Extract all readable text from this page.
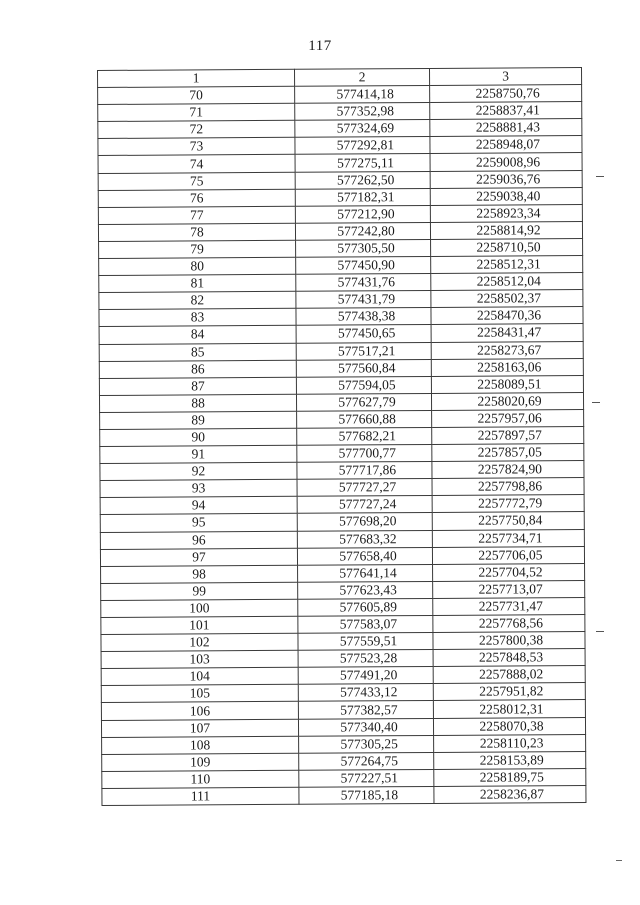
117
1	2	3
70	577414,18	2258750,76
71	577352,98	2258837,41
72	577324,69	2258881,43
73	577292,81	2258948,07
74	577275,11	2259008,96
75	577262,50	2259036,76
76	577182,31	2259038,40
77	577212,90	2258923,34
78	577242,80	2258814,92
79	577305,50	2258710,50
80	577450,90	2258512,31
81	577431,76	2258512,04
82	577431,79	2258502,37
83	577438,38	2258470,36
84	577450,65	2258431,47
85	577517,21	2258273,67
86	577560,84	2258163,06
87	577594,05	2258089,51
88	577627,79	2258020,69
89	577660,88	2257957,06
90	577682,21	2257897,57
91	577700,77	2257857,05
92	577717,86	2257824,90
93	577727,27	2257798,86
94	577727,24	2257772,79
95	577698,20	2257750,84
96	577683,32	2257734,71
97	577658,40	2257706,05
98	577641,14	2257704,52
99	577623,43	2257713,07
100	577605,89	2257731,47
101	577583,07	2257768,56
102	577559,51	2257800,38
103	577523,28	2257848,53
104	577491,20	2257888,02
105	577433,12	2257951,82
106	577382,57	2258012,31
107	577340,40	2258070,38
108	577305,25	2258110,23
109	577264,75	2258153,89
110	577227,51	2258189,75
111	577185,18	2258236,87
